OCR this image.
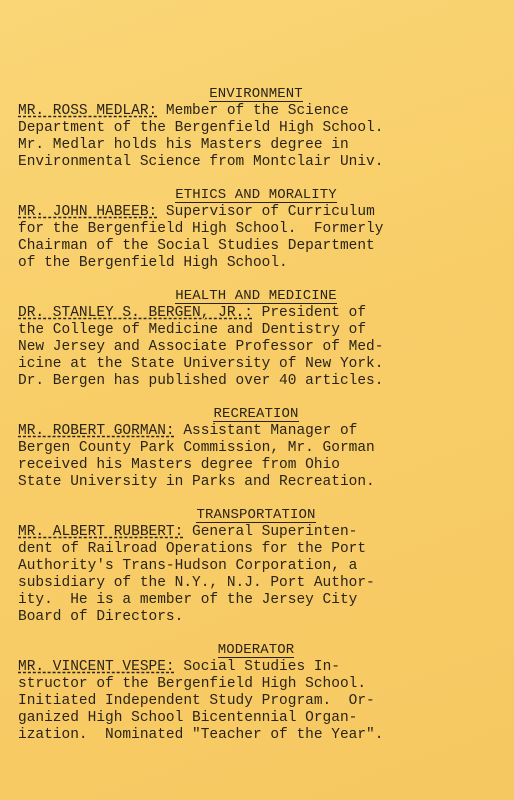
ENVIRONMENT
MR. ROSS MEDLAR: Member of the Science
Department of the Bergenfield High School.
Mr. Medlar holds his Masters degree in
Environmental Science from Montclair Univ.
ETHICS AND MORALITY
MR. JOHN HABEEB: Supervisor of Curriculum
for the Bergenfield High School.  Formerly
Chairman of the Social Studies Department
of the Bergenfield High School.
HEALTH AND MEDICINE
DR. STANLEY S. BERGEN, JR.: President of
the College of Medicine and Dentistry of
New Jersey and Associate Professor of Med-
icine at the State University of New York.
Dr. Bergen has published over 40 articles.
RECREATION
MR. ROBERT GORMAN: Assistant Manager of
Bergen County Park Commission, Mr. Gorman
received his Masters degree from Ohio
State University in Parks and Recreation.
TRANSPORTATION
MR. ALBERT RUBBERT: General Superinten-
dent of Railroad Operations for the Port
Authority's Trans-Hudson Corporation, a
subsidiary of the N.Y., N.J. Port Author-
ity.  He is a member of the Jersey City
Board of Directors.
MODERATOR
MR. VINCENT VESPE: Social Studies In-
structor of the Bergenfield High School.
Initiated Independent Study Program.  Or-
ganized High School Bicentennial Organ-
ization.  Nominated "Teacher of the Year".
